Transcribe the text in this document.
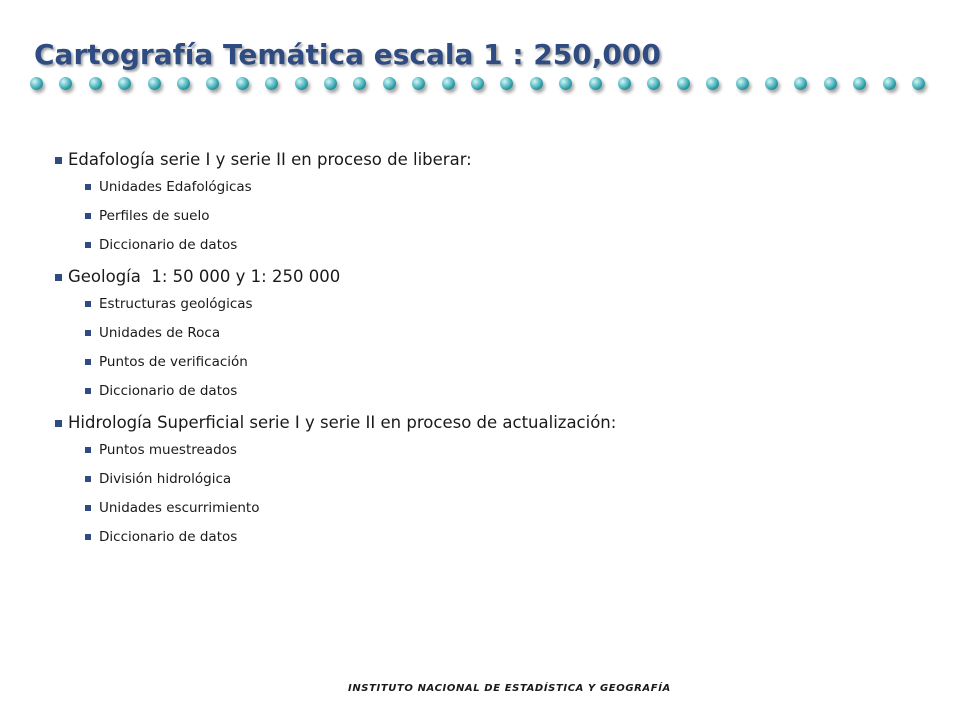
Cartografía Temática escala 1 : 250,000
Edafología serie I y serie II en proceso de liberar:
Unidades Edafológicas
Perfiles de suelo
Diccionario de datos
Geología  1: 50 000 y 1: 250 000
Estructuras geológicas
Unidades de Roca
Puntos de verificación
Diccionario de datos
Hidrología Superficial serie I y serie II en proceso de actualización:
Puntos muestreados
División hidrológica
Unidades escurrimiento
Diccionario de datos

INSTITUTO NACIONAL DE ESTADÍSTICA Y GEOGRAFÍA
